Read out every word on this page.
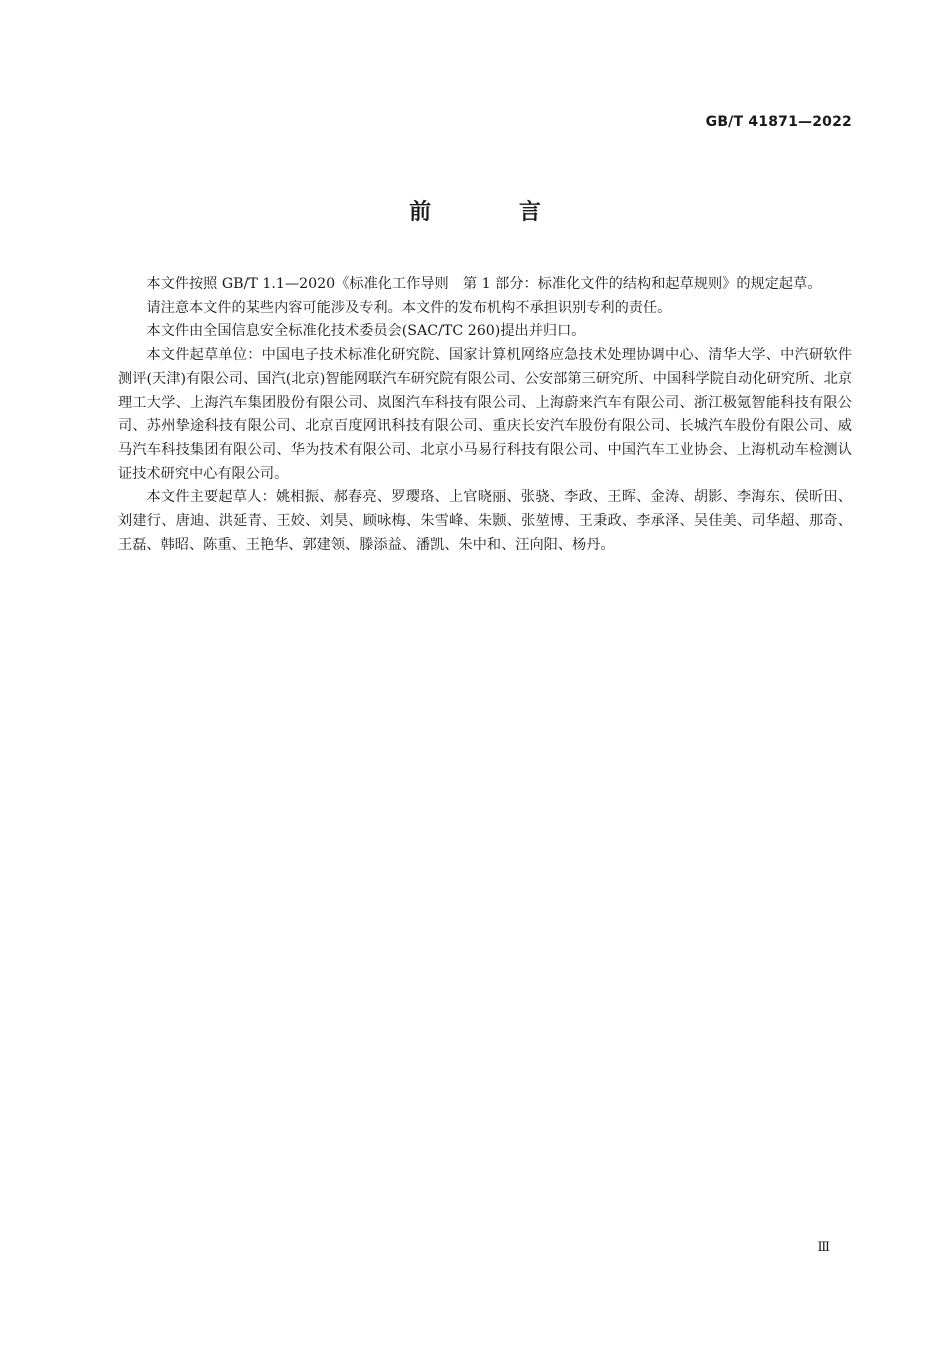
GB/T 41871—2022
前 言

本文件按照 GB/T 1.1—2020《标准化工作导则　第 1 部分：标准化文件的结构和起草规则》的规定起草。

请注意本文件的某些内容可能涉及专利。本文件的发布机构不承担识别专利的责任。

本文件由全国信息安全标准化技术委员会(SAC/TC 260)提出并归口。

本文件起草单位：中国电子技术标准化研究院、国家计算机网络应急技术处理协调中心、清华大学、中汽研软件测评(天津)有限公司、国汽(北京)智能网联汽车研究院有限公司、公安部第三研究所、中国科学院自动化研究所、北京理工大学、上海汽车集团股份有限公司、岚图汽车科技有限公司、上海蔚来汽车有限公司、浙江极氪智能科技有限公司、苏州挚途科技有限公司、北京百度网讯科技有限公司、重庆长安汽车股份有限公司、长城汽车股份有限公司、威马汽车科技集团有限公司、华为技术有限公司、北京小马易行科技有限公司、中国汽车工业协会、上海机动车检测认证技术研究中心有限公司。

本文件主要起草人：姚相振、郝春亮、罗璎珞、上官晓丽、张骁、李政、王晖、金涛、胡影、李海东、侯昕田、刘建行、唐迪、洪延青、王姣、刘昊、顾咏梅、朱雪峰、朱颢、张堃博、王秉政、李承泽、吴佳美、司华超、那奇、王磊、韩昭、陈重、王艳华、郭建领、滕添益、潘凯、朱中和、汪向阳、杨丹。

Ⅲ
